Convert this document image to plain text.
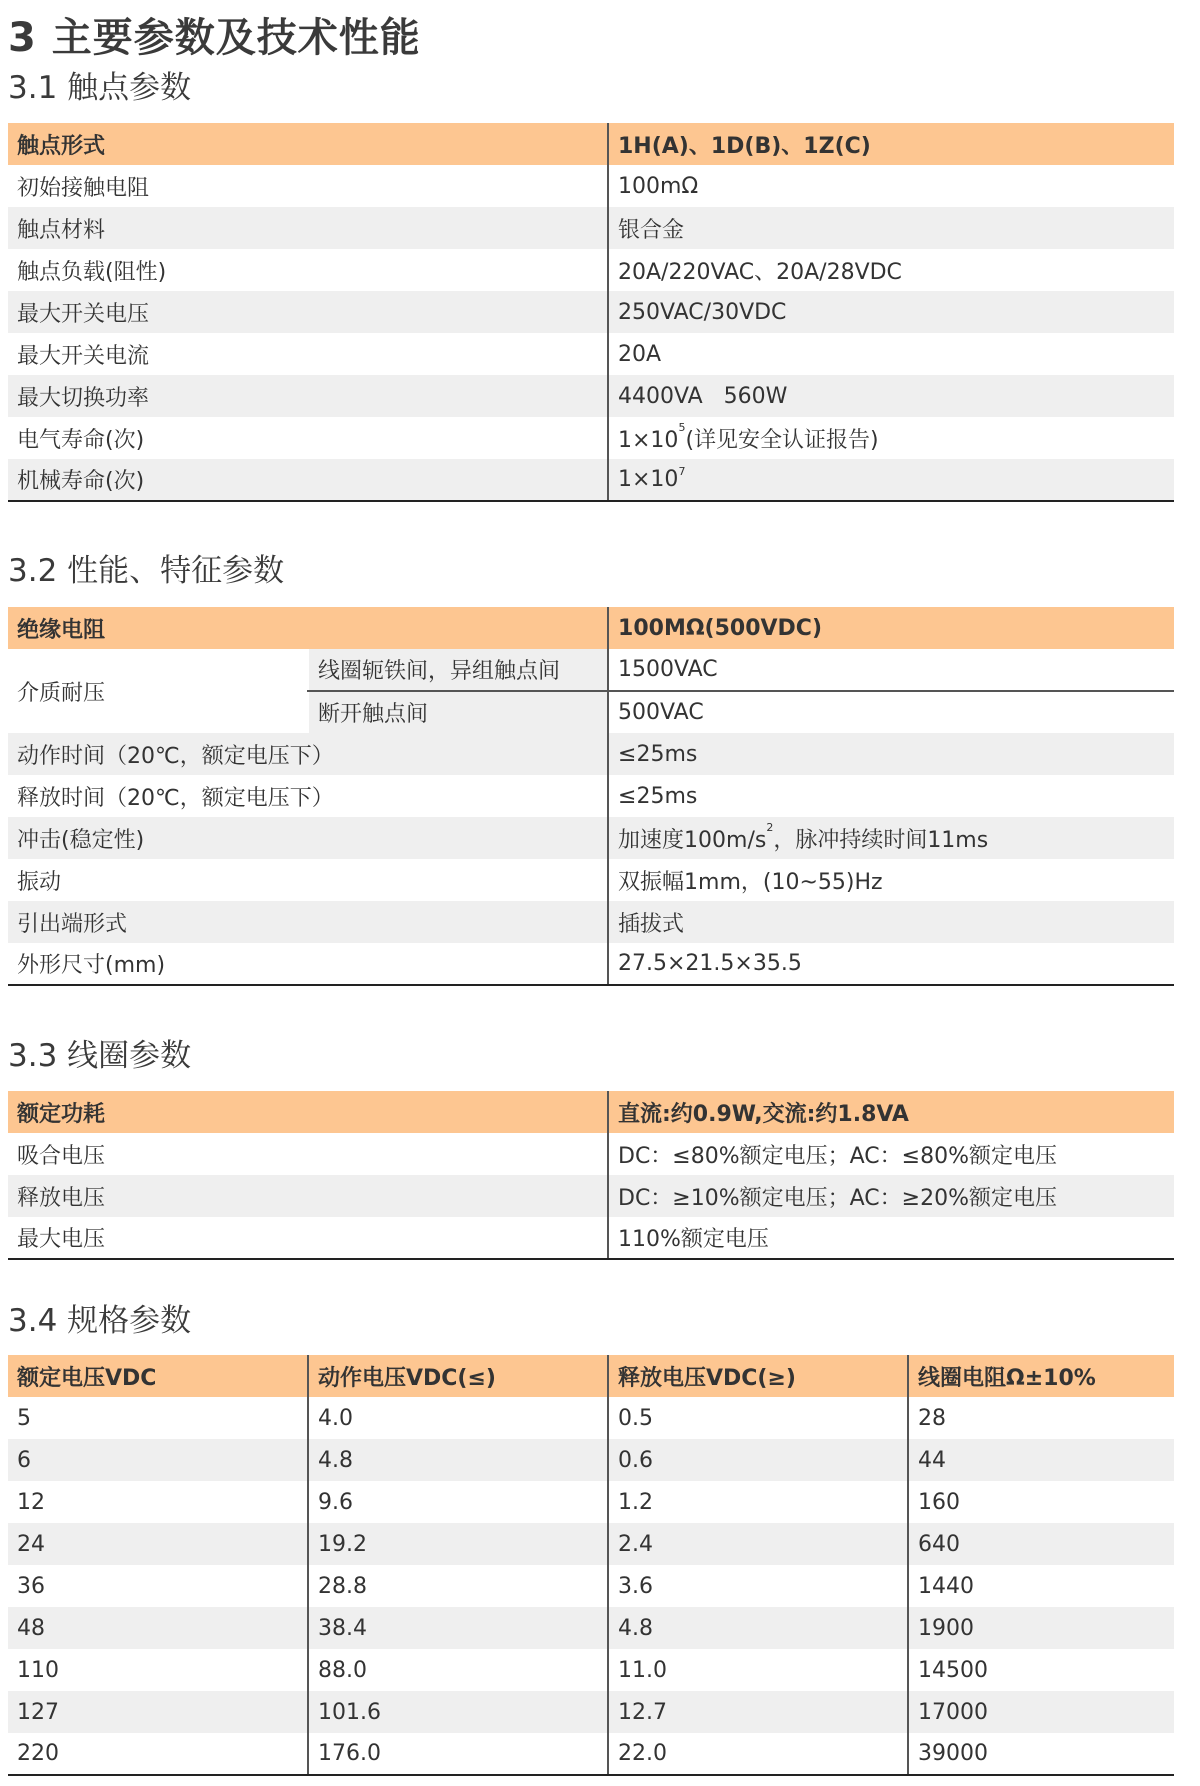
3 主要参数及技术性能
3.1 触点参数
触点形式	1H(A)、1D(B)、1Z(C)
初始接触电阻	100mΩ
触点材料	银合金
触点负载(阻性)	20A/220VAC、20A/28VDC
最大开关电压	250VAC/30VDC
最大开关电流	20A
最大切换功率	4400VA   560W
电气寿命(次)	$1\times 10^5$(详见安全认证报告)
机械寿命(次)	$1\times 10^7$
3.2 性能、特征参数
绝缘电阻		100MΩ(500VDC)
介质耐压	线圈轭铁间，异组触点间	1500VAC
	断开触点间	500VAC
动作时间（20℃，额定电压下）		≤25ms
释放时间（20℃，额定电压下）		≤25ms
冲击(稳定性)		加速度$100m/s^2$，脉冲持续时间11ms
振动		双振幅1mm，(10~55)Hz
引出端形式		插拔式
外形尺寸(mm)		27.5×21.5×35.5
3.3 线圈参数
额定功耗	直流:约0.9W,交流:约1.8VA
吸合电压	DC：≤80%额定电压；AC：≤80%额定电压
释放电压	DC：≥10%额定电压；AC：≥20%额定电压
最大电压	110%额定电压
3.4 规格参数
额定电压VDC	动作电压VDC(≤)	释放电压VDC(≥)	线圈电阻Ω±10%
5	4.0	0.5	28
6	4.8	0.6	44
12	9.6	1.2	160
24	19.2	2.4	640
36	28.8	3.6	1440
48	38.4	4.8	1900
110	88.0	11.0	14500
127	101.6	12.7	17000
220	176.0	22.0	39000
